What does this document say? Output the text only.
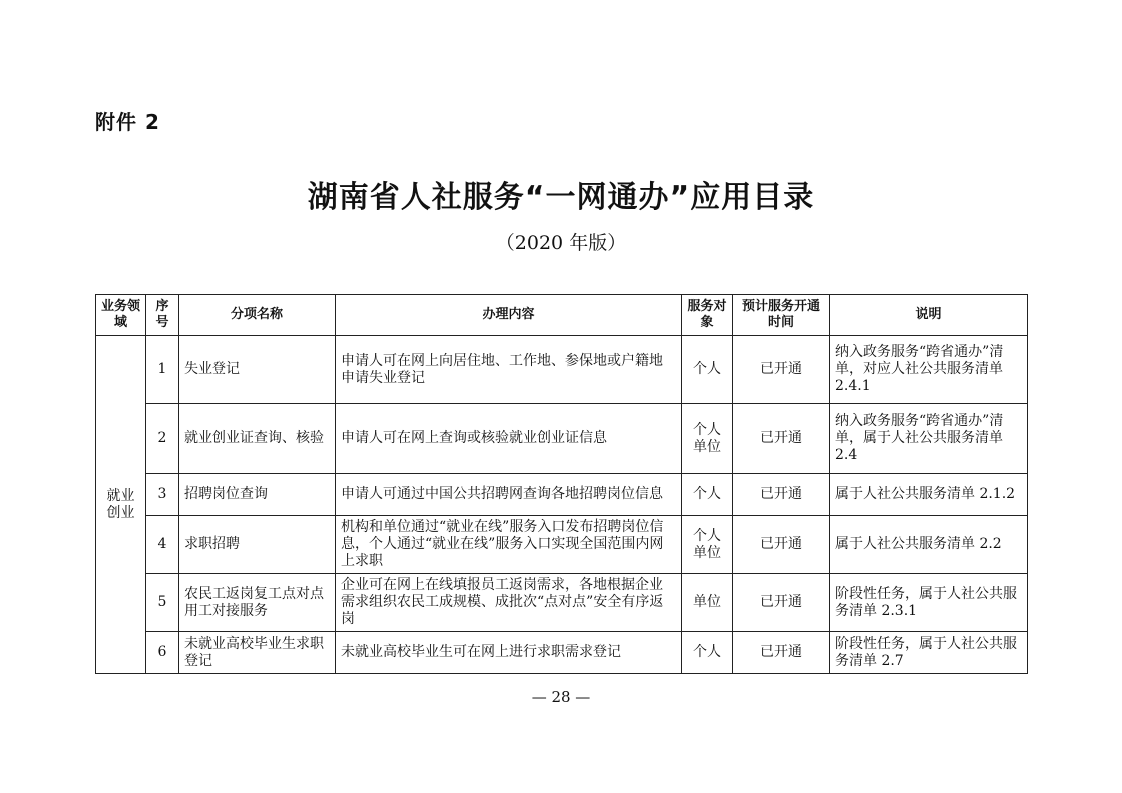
附件 2
湖南省人社服务“一网通办”应用目录
（2020 年版）
业务领域	序号	分项名称	办理内容	服务对象	预计服务开通时间	说明
就业创业	1	失业登记	申请人可在网上向居住地、工作地、参保地或户籍地申请失业登记	个人	已开通	纳入政务服务“跨省通办”清单，对应人社公共服务清单 2.4.1
	2	就业创业证查询、核验	申请人可在网上查询或核验就业创业证信息	个人单位	已开通	纳入政务服务“跨省通办”清单，属于人社公共服务清单 2.4
	3	招聘岗位查询	申请人可通过中国公共招聘网查询各地招聘岗位信息	个人	已开通	属于人社公共服务清单 2.1.2
	4	求职招聘	机构和单位通过“就业在线”服务入口发布招聘岗位信息，个人通过“就业在线”服务入口实现全国范围内网上求职	个人单位	已开通	属于人社公共服务清单 2.2
	5	农民工返岗复工点对点用工对接服务	企业可在网上在线填报员工返岗需求，各地根据企业需求组织农民工成规模、成批次“点对点”安全有序返岗	单位	已开通	阶段性任务，属于人社公共服务清单 2.3.1
	6	未就业高校毕业生求职登记	未就业高校毕业生可在网上进行求职需求登记	个人	已开通	阶段性任务，属于人社公共服务清单 2.7
— 28 —
